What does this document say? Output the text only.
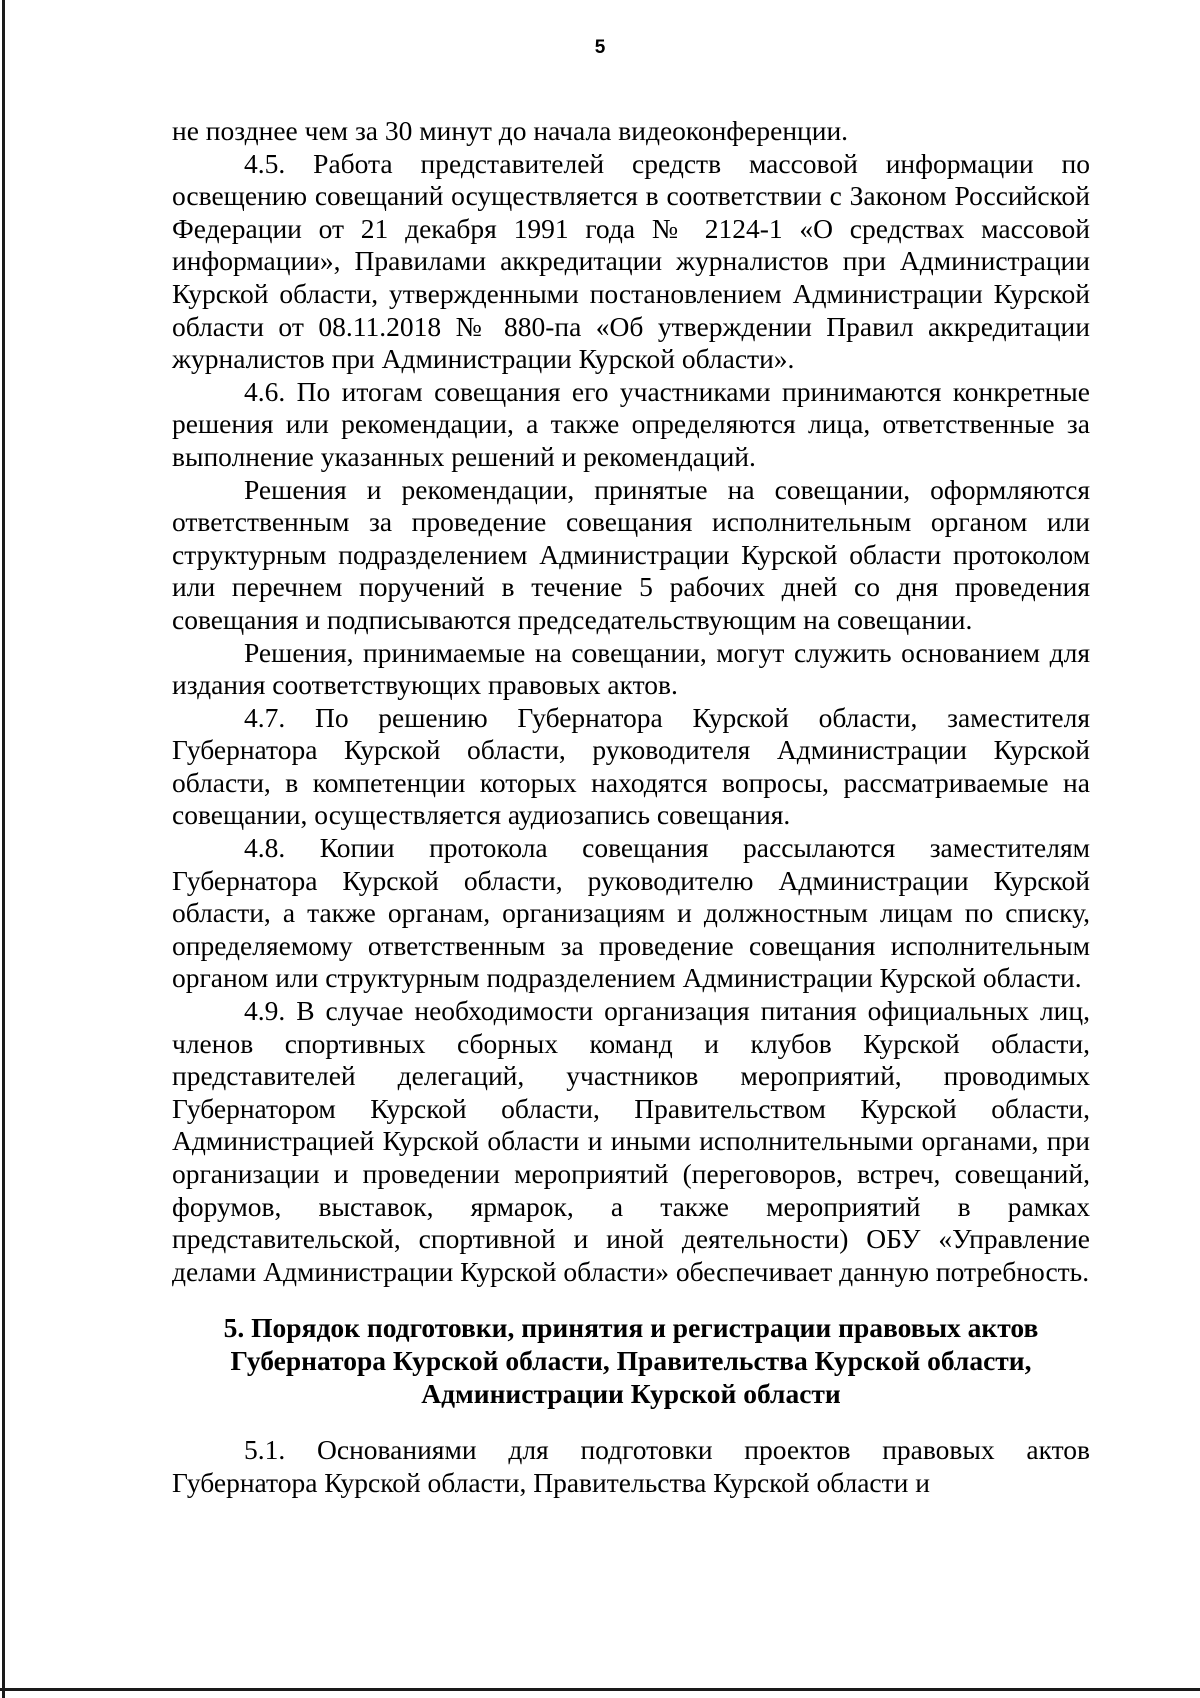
5

не позднее чем за 30 минут до начала видеоконференции.

4.5. Работа представителей средств массовой информации по освещению совещаний осуществляется в соответствии с Законом Российской Федерации от 21 декабря 1991 года № 2124-1 «О средствах массовой информации», Правилами аккредитации журналистов при Администрации Курской области, утвержденными постановлением Администрации Курской области от 08.11.2018 № 880-па «Об утверждении Правил аккредитации журналистов при Администрации Курской области».

4.6. По итогам совещания его участниками принимаются конкретные решения или рекомендации, а также определяются лица, ответственные за выполнение указанных решений и рекомендаций.

Решения и рекомендации, принятые на совещании, оформляются ответственным за проведение совещания исполнительным органом или структурным подразделением Администрации Курской области протоколом или перечнем поручений в течение 5 рабочих дней со дня проведения совещания и подписываются председательствующим на совещании.

Решения, принимаемые на совещании, могут служить основанием для издания соответствующих правовых актов.

4.7. По решению Губернатора Курской области, заместителя Губернатора Курской области, руководителя Администрации Курской области, в компетенции которых находятся вопросы, рассматриваемые на совещании, осуществляется аудиозапись совещания.

4.8. Копии протокола совещания рассылаются заместителям Губернатора Курской области, руководителю Администрации Курской области, а также органам, организациям и должностным лицам по списку, определяемому ответственным за проведение совещания исполнительным органом или структурным подразделением Администрации Курской области.

4.9. В случае необходимости организация питания официальных лиц, членов спортивных сборных команд и клубов Курской области, представителей делегаций, участников мероприятий, проводимых Губернатором Курской области, Правительством Курской области, Администрацией Курской области и иными исполнительными органами, при организации и проведении мероприятий (переговоров, встреч, совещаний, форумов, выставок, ярмарок, а также мероприятий в рамках представительской, спортивной и иной деятельности) ОБУ «Управление делами Администрации Курской области» обеспечивает данную потребность.

5. Порядок подготовки, принятия и регистрации правовых актов
Губернатора Курской области, Правительства Курской области,
Администрации Курской области

5.1. Основаниями для подготовки проектов правовых актов Губернатора Курской области, Правительства Курской области и
